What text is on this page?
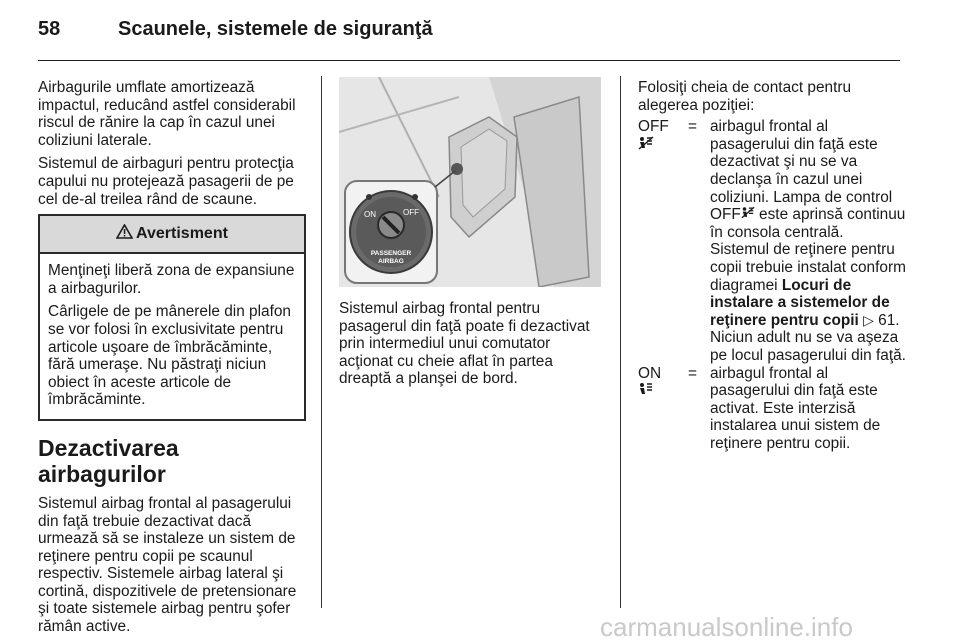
58	Scaunele, sistemele de siguranţă

Airbagurile umflate amortizează impactul, reducând astfel considerabil riscul de rănire la cap în cazul unei coliziuni laterale.

Sistemul de airbaguri pentru protecţia capului nu protejează pasagerii de pe cel de-al treilea rând de scaune.

Avertisment

Menţineţi liberă zona de expansiune a airbagurilor.

Cârligele de pe mânerele din plafon se vor folosi în exclusivitate pentru articole uşoare de îmbrăcăminte, fără umeraşe. Nu păstraţi niciun obiect în aceste articole de îmbrăcăminte.

Dezactivarea airbagurilor

Sistemul airbag frontal al pasagerului din faţă trebuie dezactivat dacă urmează să se instaleze un sistem de reţinere pentru copii pe scaunul respectiv. Sistemele airbag lateral şi cortină, dispozitivele de pretensionare şi toate sistemele airbag pentru şofer rămân active.

ON	OFF
PASSENGER
AIRBAG

Sistemul airbag frontal pentru pasagerul din faţă poate fi dezactivat prin intermediul unui comutator acţionat cu cheie aflat în partea dreaptă a planşei de bord.

Folosiţi cheia de contact pentru alegerea poziţiei:

OFF	=	airbagul frontal al pasagerului din faţă este dezactivat şi nu se va declanşa în cazul unei coliziuni. Lampa de control OFF este aprinsă continuu în consola centrală. Sistemul de reţinere pentru copii trebuie instalat conform diagramei Locuri de instalare a sistemelor de reţinere pentru copii ▷ 61. Niciun adult nu se va aşeza pe locul pasagerului din faţă.

ON	=	airbagul frontal al pasagerului din faţă este activat. Este interzisă instalarea unui sistem de reţinere pentru copii.
carmanualsonline.info
